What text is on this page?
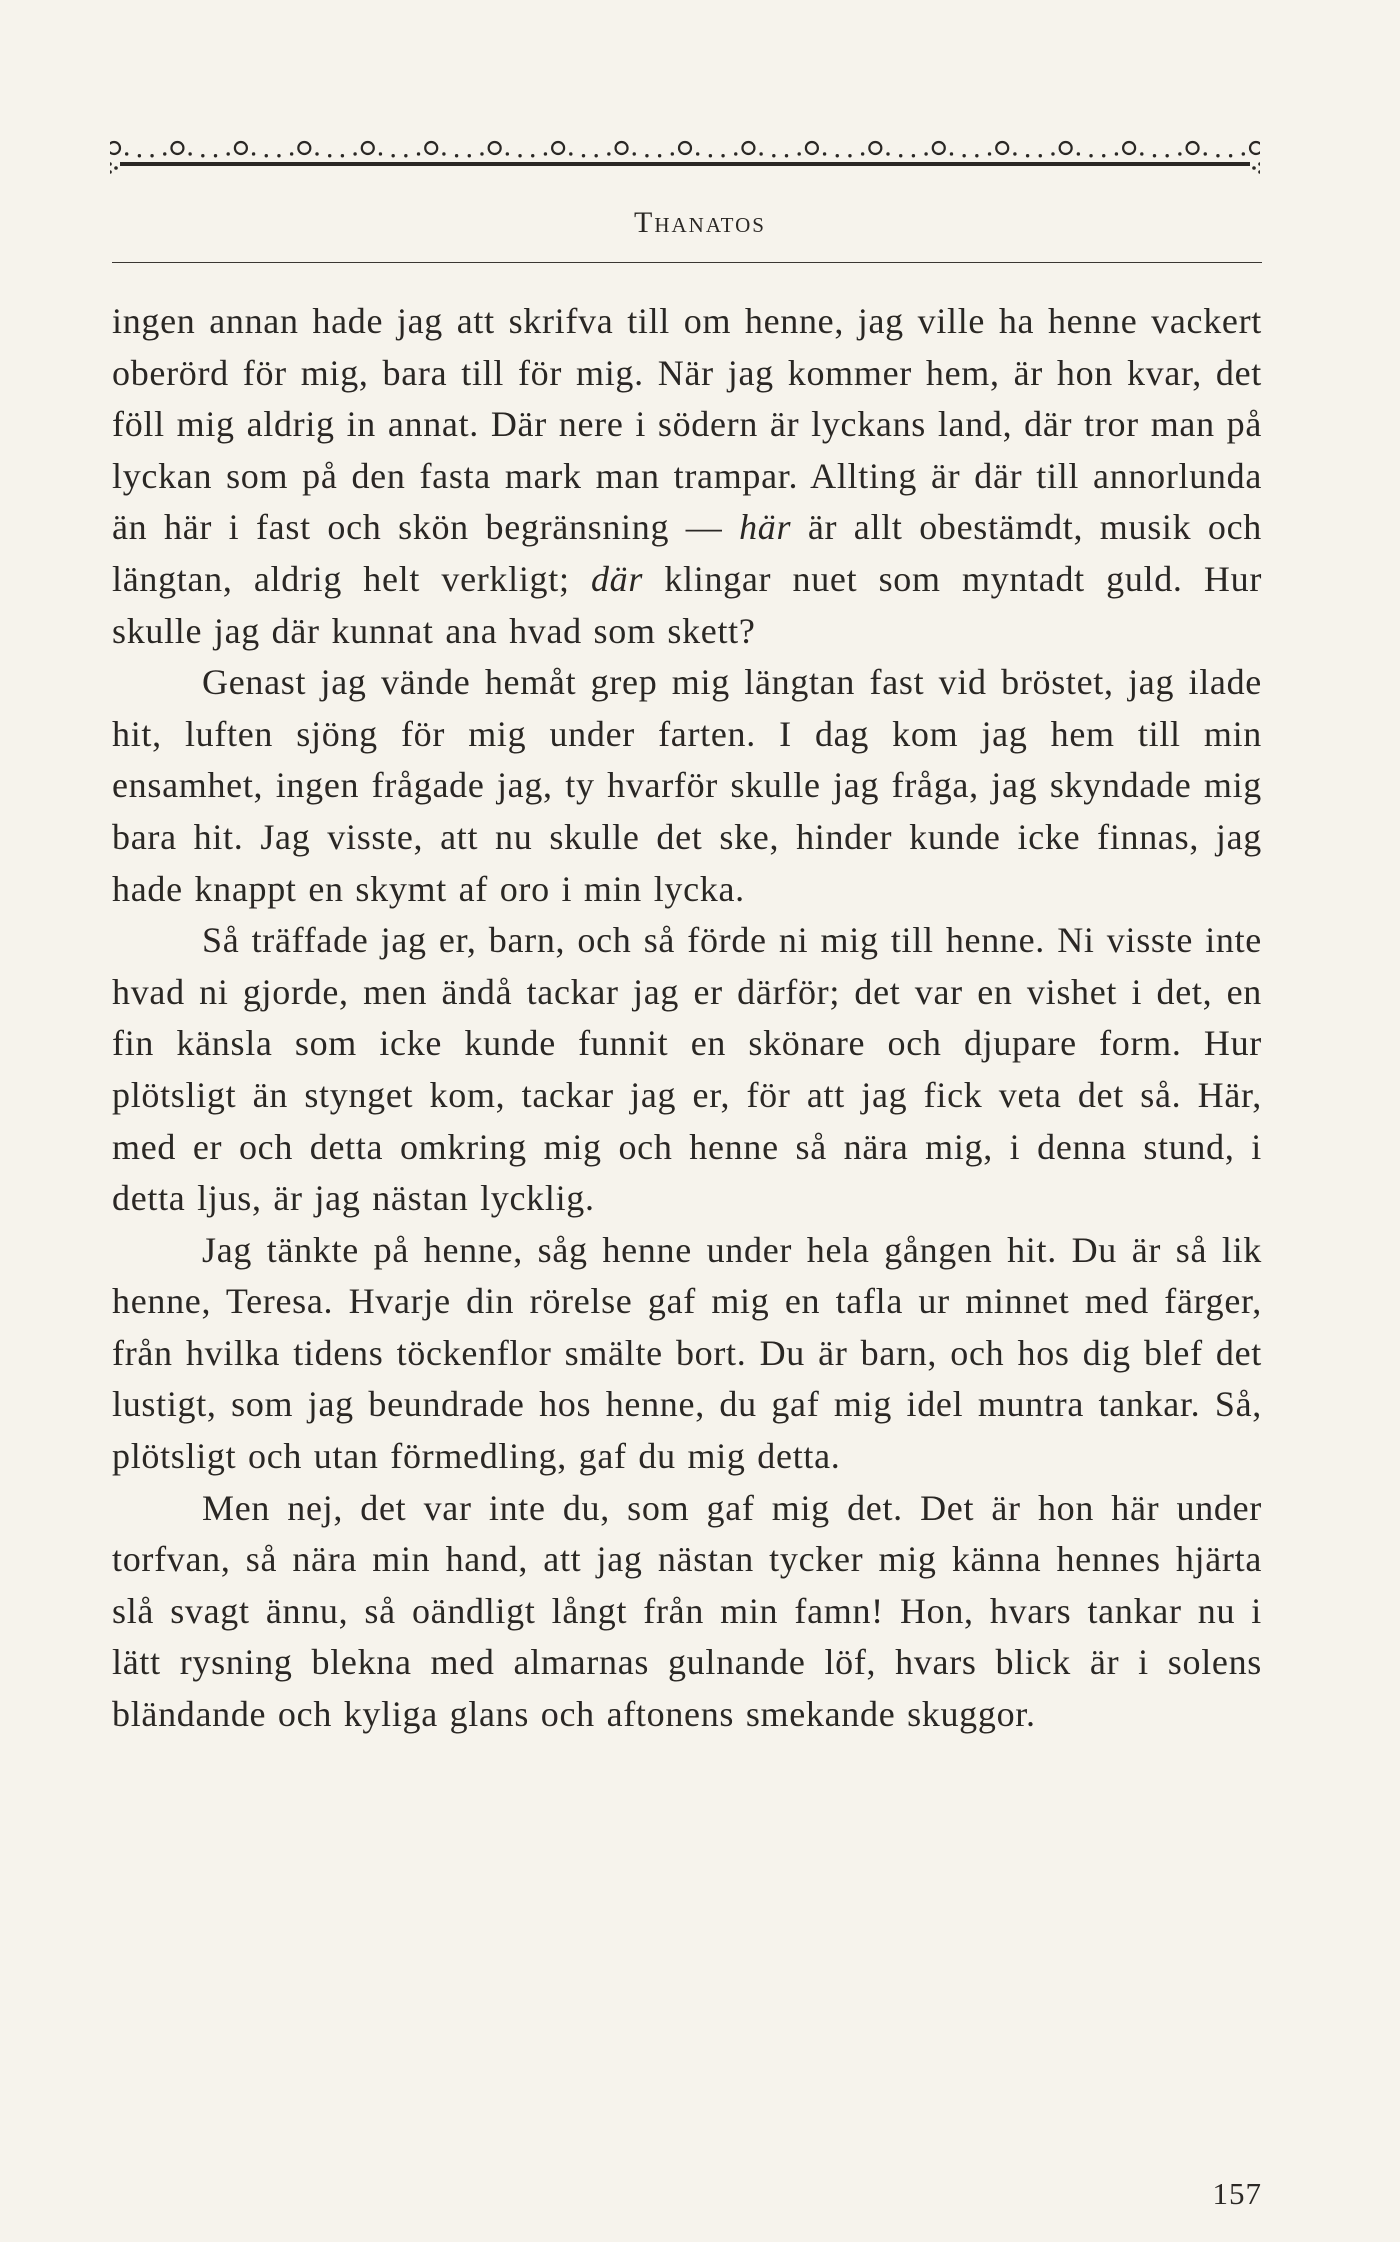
Thanatos

ingen annan hade jag att skrifva till om henne, jag ville ha henne vackert oberörd för mig, bara till för mig. När jag kommer hem, är hon kvar, det föll mig aldrig in annat. Där nere i södern är lyckans land, där tror man på lyckan som på den fasta mark man trampar. Allting är där till annorlunda än här i fast och skön begränsning — här är allt obestämdt, musik och längtan, aldrig helt verkligt; där klingar nuet som myntadt guld. Hur skulle jag där kunnat ana hvad som skett?

Genast jag vände hemåt grep mig längtan fast vid bröstet, jag ilade hit, luften sjöng för mig under farten. I dag kom jag hem till min ensamhet, ingen frågade jag, ty hvarför skulle jag fråga, jag skyndade mig bara hit. Jag visste, att nu skulle det ske, hinder kunde icke finnas, jag hade knappt en skymt af oro i min lycka.

Så träffade jag er, barn, och så förde ni mig till henne. Ni visste inte hvad ni gjorde, men ändå tackar jag er därför; det var en vishet i det, en fin känsla som icke kunde funnit en skönare och djupare form. Hur plötsligt än stynget kom, tackar jag er, för att jag fick veta det så. Här, med er och detta omkring mig och henne så nära mig, i denna stund, i detta ljus, är jag nästan lycklig.

Jag tänkte på henne, såg henne under hela gången hit. Du är så lik henne, Teresa. Hvarje din rörelse gaf mig en tafla ur minnet med färger, från hvilka tidens töckenflor smälte bort. Du är barn, och hos dig blef det lustigt, som jag beundrade hos henne, du gaf mig idel muntra tankar. Så, plötsligt och utan förmedling, gaf du mig detta.

Men nej, det var inte du, som gaf mig det. Det är hon här under torfvan, så nära min hand, att jag nästan tycker mig känna hennes hjärta slå svagt ännu, så oändligt långt från min famn! Hon, hvars tankar nu i lätt rysning blekna med almarnas gulnande löf, hvars blick är i solens bländande och kyliga glans och aftonens smekande skuggor.

157
